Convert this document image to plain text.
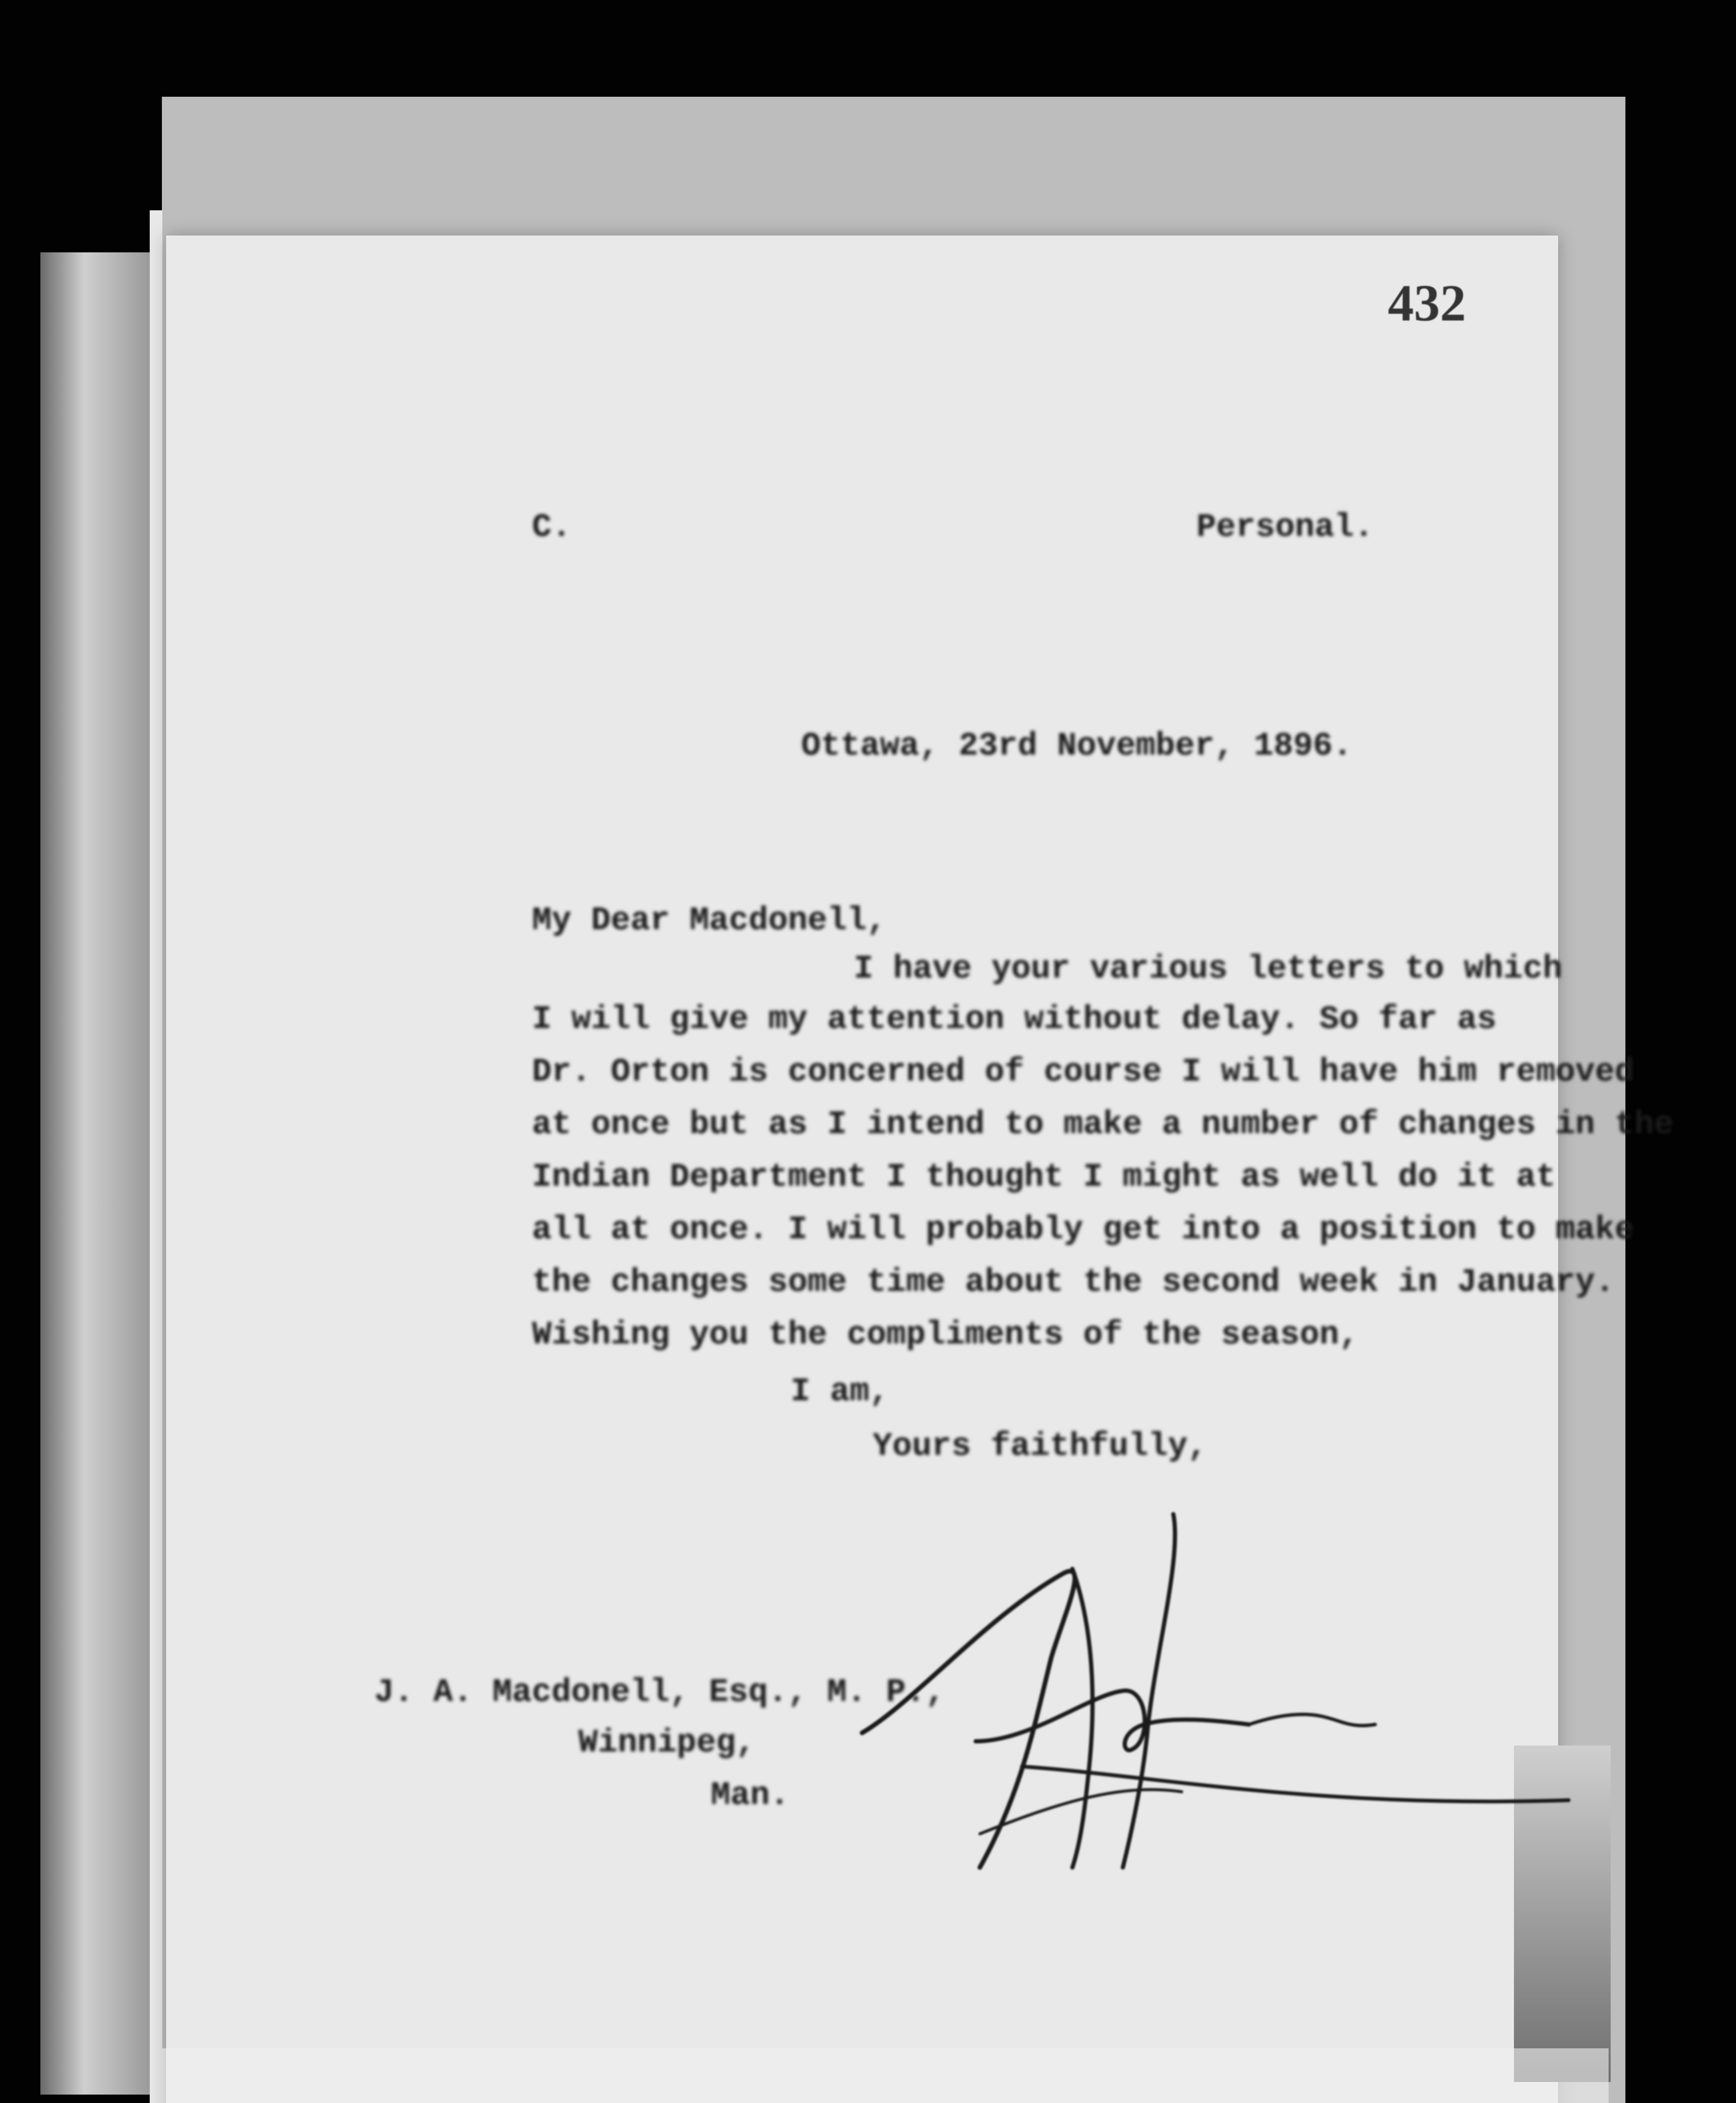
432
C.	Personal.
Ottawa, 23rd November, 1896.
My Dear Macdonell,
I have your various letters to which
I will give my attention without delay. So far as
Dr. Orton is concerned of course I will have him removed
at once but as I intend to make a number of changes in the
Indian Department I thought I might as well do it at
all at once. I will probably get into a position to make
the changes some time about the second week in January.
Wishing you the compliments of the season,
I am,
Yours faithfully,
J. A. Macdonell, Esq., M. P.,
Winnipeg,
Man.
